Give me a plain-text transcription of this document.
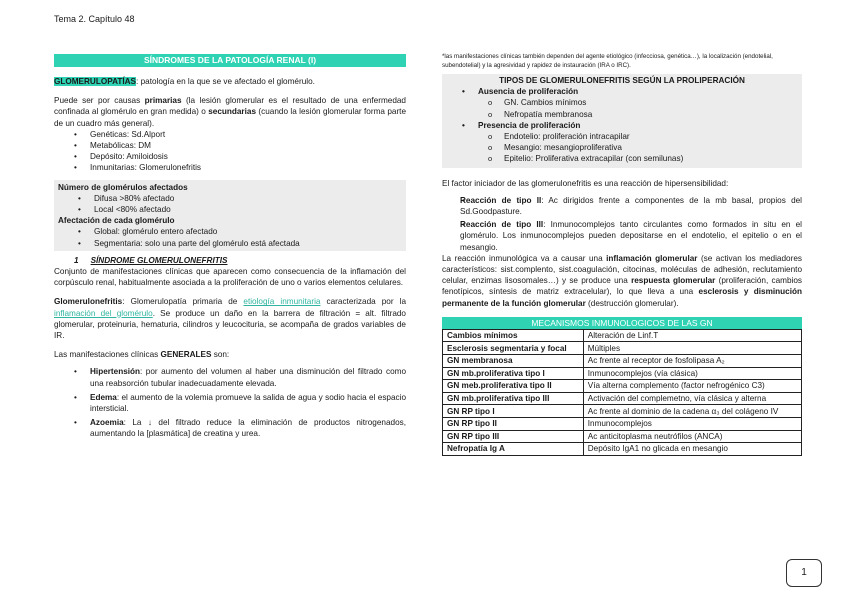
Tema 2. Capítulo 48
SÍNDROMES DE LA PATOLOGÍA RENAL (I)
GLOMERULOPATÍAS: patología en la que se ve afectado el glomérulo.
Puede ser por causas primarias (la lesión glomerular es el resultado de una enfermedad confinada al glomérulo en gran medida) o secundarias (cuando la lesión glomerular forma parte de un cuadro más general).
• Genéticas: Sd.Alport
• Metabólicas: DM
• Depósito: Amiloidosis
• Inmunitarias: Glomerulonefritis
Número de glomérulos afectados
• Difusa >80% afectado
• Local <80% afectado
Afectación de cada glomérulo
• Global: glomérulo entero afectado
• Segmentaria: solo una parte del glomérulo está afectada
1 SÍNDROME GLOMERULONEFRITIS
Conjunto de manifestaciones clínicas que aparecen como consecuencia de la inflamación del corpúsculo renal, habitualmente asociada a la proliferación de uno o varios elementos celulares.
Glomerulonefritis: Glomerulopatía primaria de etiología inmunitaria caracterizada por la inflamación del glomérulo. Se produce un daño en la barrera de filtración = alt. filtrado glomerular, proteinuria, hematuria, cilindros y leucocituria, se acompaña de grados variables de IR.
Las manifestaciones clínicas GENERALES son:
• Hipertensión: por aumento del volumen al haber una disminución del filtrado como una reabsorción tubular inadecuadamente elevada.
• Edema: el aumento de la volemia promueve la salida de agua y sodio hacia el espacio intersticial.
• Azoemia: La ↓ del filtrado reduce la eliminación de productos nitrogenados, aumentando la [plasmática] de creatina y urea.
*las manifestaciones clínicas también dependen del agente etiológico (infecciosa, genética…), la localización (endotelial, subendotelial) y la agresividad y rapidez de instauración (IRA o IRC).
TIPOS DE GLOMERULONEFRITIS SEGÚN LA PROLIPERACIÓN
• Ausencia de proliferación
o GN. Cambios mínimos
o Nefropatía membranosa
• Presencia de proliferación
o Endotelio: proliferación intracapilar
o Mesangio: mesangioproliferativa
o Epitelio: Proliferativa extracapilar (con semilunas)
El factor iniciador de las glomerulonefritis es una reacción de hipersensibilidad:
• Reacción de tipo II: Ac dirigidos frente a componentes de la mb basal, propios del Sd.Goodpasture.
• Reacción de tipo III: Inmunocomplejos tanto circulantes como formados in situ en el glomérulo. Los inmunocomplejos pueden depositarse en el endotelio, el epitelio o en el mesangio.
La reacción inmunológica va a causar una inflamación glomerular (se activan los mediadores característicos: sist.complento, sist.coagulación, citocinas, moléculas de adhesión, reclutamiento celular, enzimas lisosomales…) y se produce una respuesta glomerular (proliferación, cambios fenotípicos, síntesis de matriz extracelular), lo que lleva a una esclerosis y disminución permanente de la función glomerular (destrucción glomerular).
MECANISMOS INMUNOLOGICOS DE LAS GN
Cambios mínimos	Alteración de Linf.T
Esclerosis segmentaria y focal	Múltiples
GN membranosa	Ac frente al receptor de fosfolipasa A₂
GN mb.proliferativa tipo I	Inmunocomplejos (vía clásica)
GN meb.proliferativa tipo II	Vía alterna complemento (factor nefrogénico C3)
GN mb.proliferativa tipo III	Activación del complemetno, vía clásica y alterna
GN RP tipo I	Ac frente al dominio de la cadena α₃ del colágeno IV
GN RP tipo II	Inmunocomplejos
GN RP tipo III	Ac anticitoplasma neutrófilos (ANCA)
Nefropatía Ig A	Depósito IgA1 no glicada en mesangio
1
